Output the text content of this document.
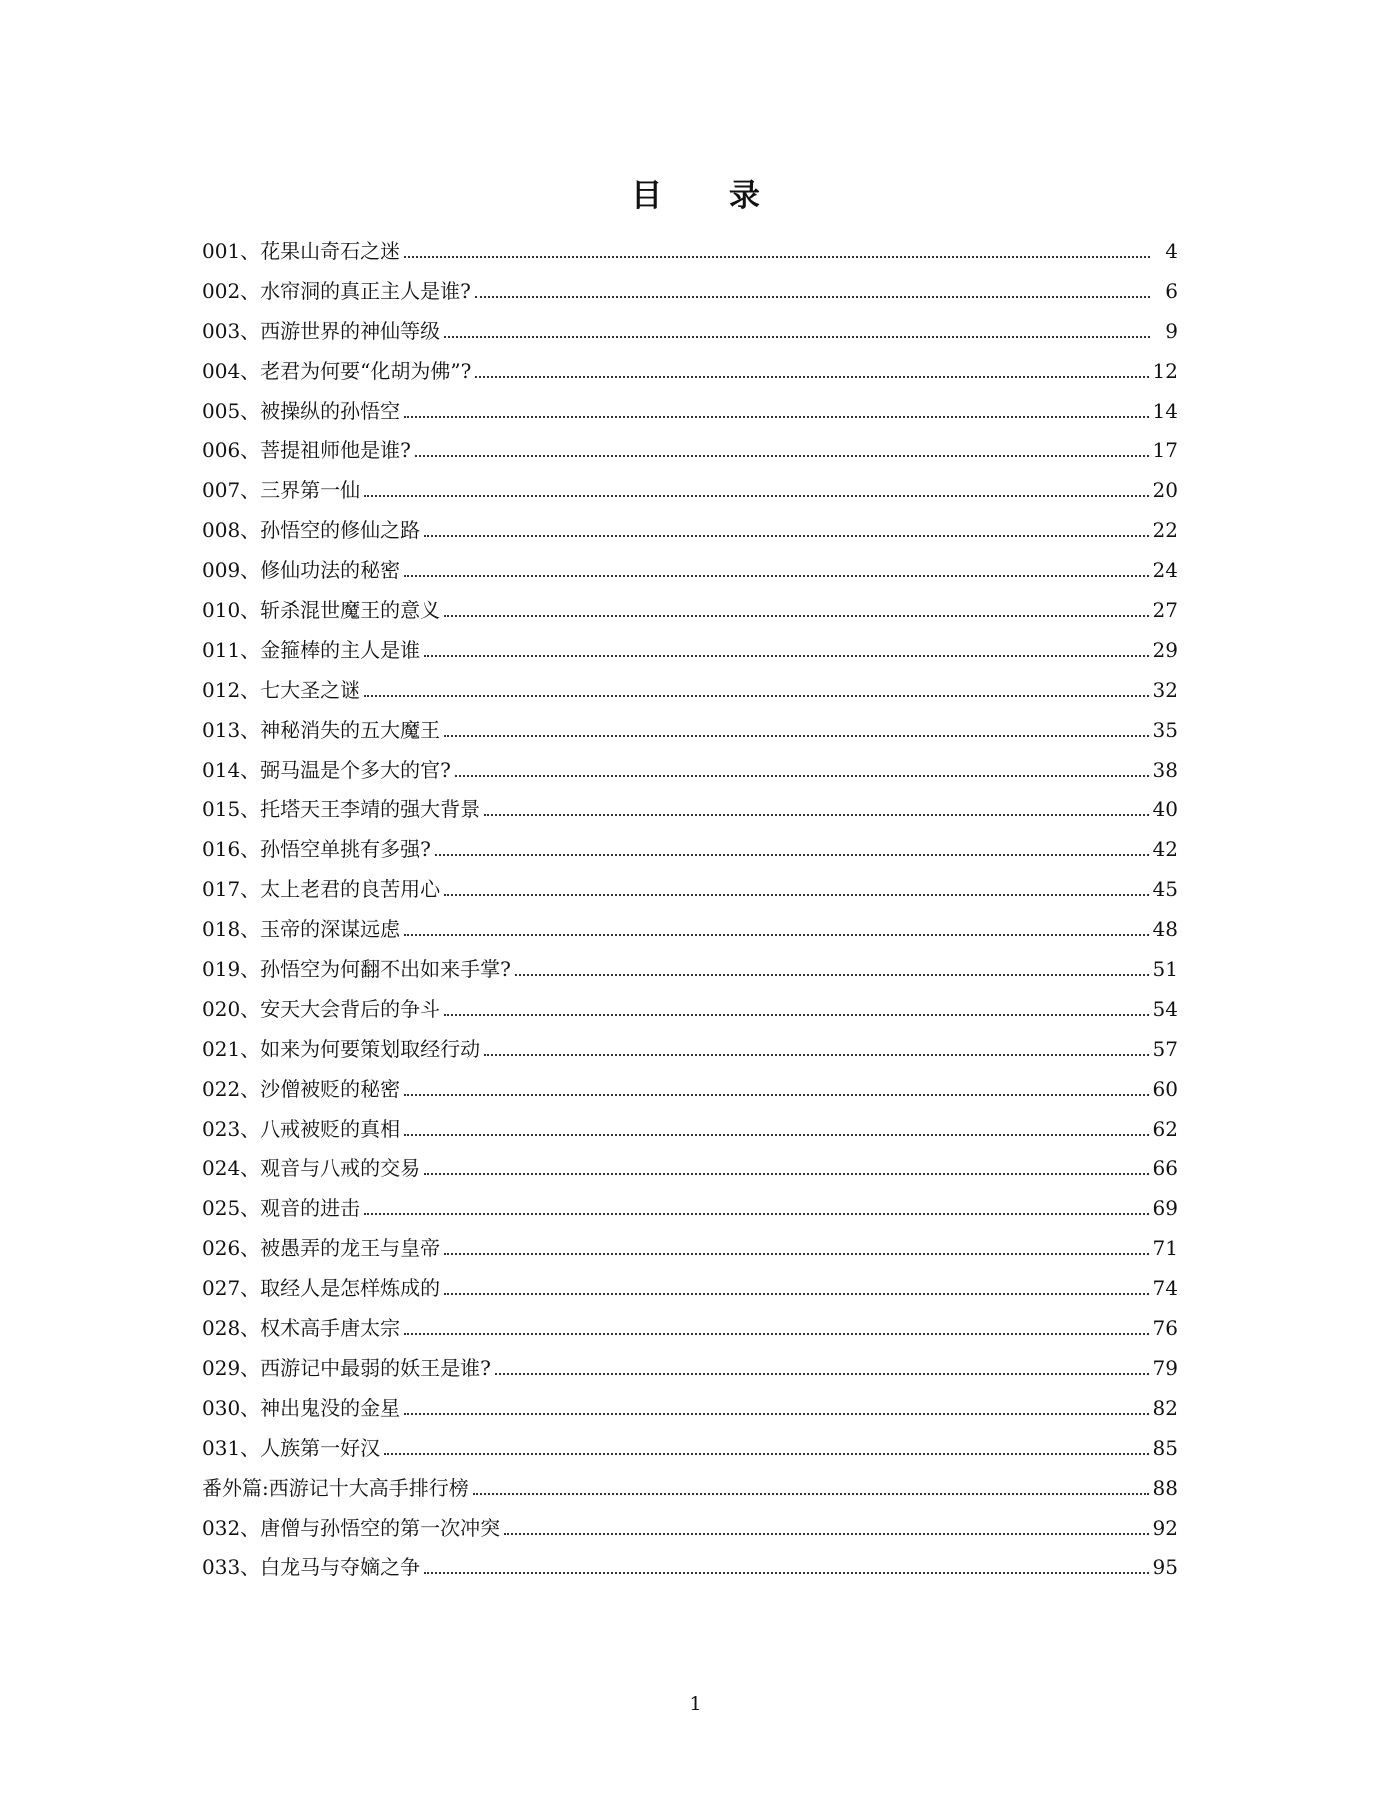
目 录
001、花果山奇石之迷	4
002、水帘洞的真正主人是谁?	6
003、西游世界的神仙等级	9
004、老君为何要“化胡为佛”?	12
005、被操纵的孙悟空	14
006、菩提祖师他是谁?	17
007、三界第一仙	20
008、孙悟空的修仙之路	22
009、修仙功法的秘密	24
010、斩杀混世魔王的意义	27
011、金箍棒的主人是谁	29
012、七大圣之谜	32
013、神秘消失的五大魔王	35
014、弼马温是个多大的官?	38
015、托塔天王李靖的强大背景	40
016、孙悟空单挑有多强?	42
017、太上老君的良苦用心	45
018、玉帝的深谋远虑	48
019、孙悟空为何翻不出如来手掌?	51
020、安天大会背后的争斗	54
021、如来为何要策划取经行动	57
022、沙僧被贬的秘密	60
023、八戒被贬的真相	62
024、观音与八戒的交易	66
025、观音的进击	69
026、被愚弄的龙王与皇帝	71
027、取经人是怎样炼成的	74
028、权术高手唐太宗	76
029、西游记中最弱的妖王是谁?	79
030、神出鬼没的金星	82
031、人族第一好汉	85
番外篇:西游记十大高手排行榜	88
032、唐僧与孙悟空的第一次冲突	92
033、白龙马与夺嫡之争	95
1
